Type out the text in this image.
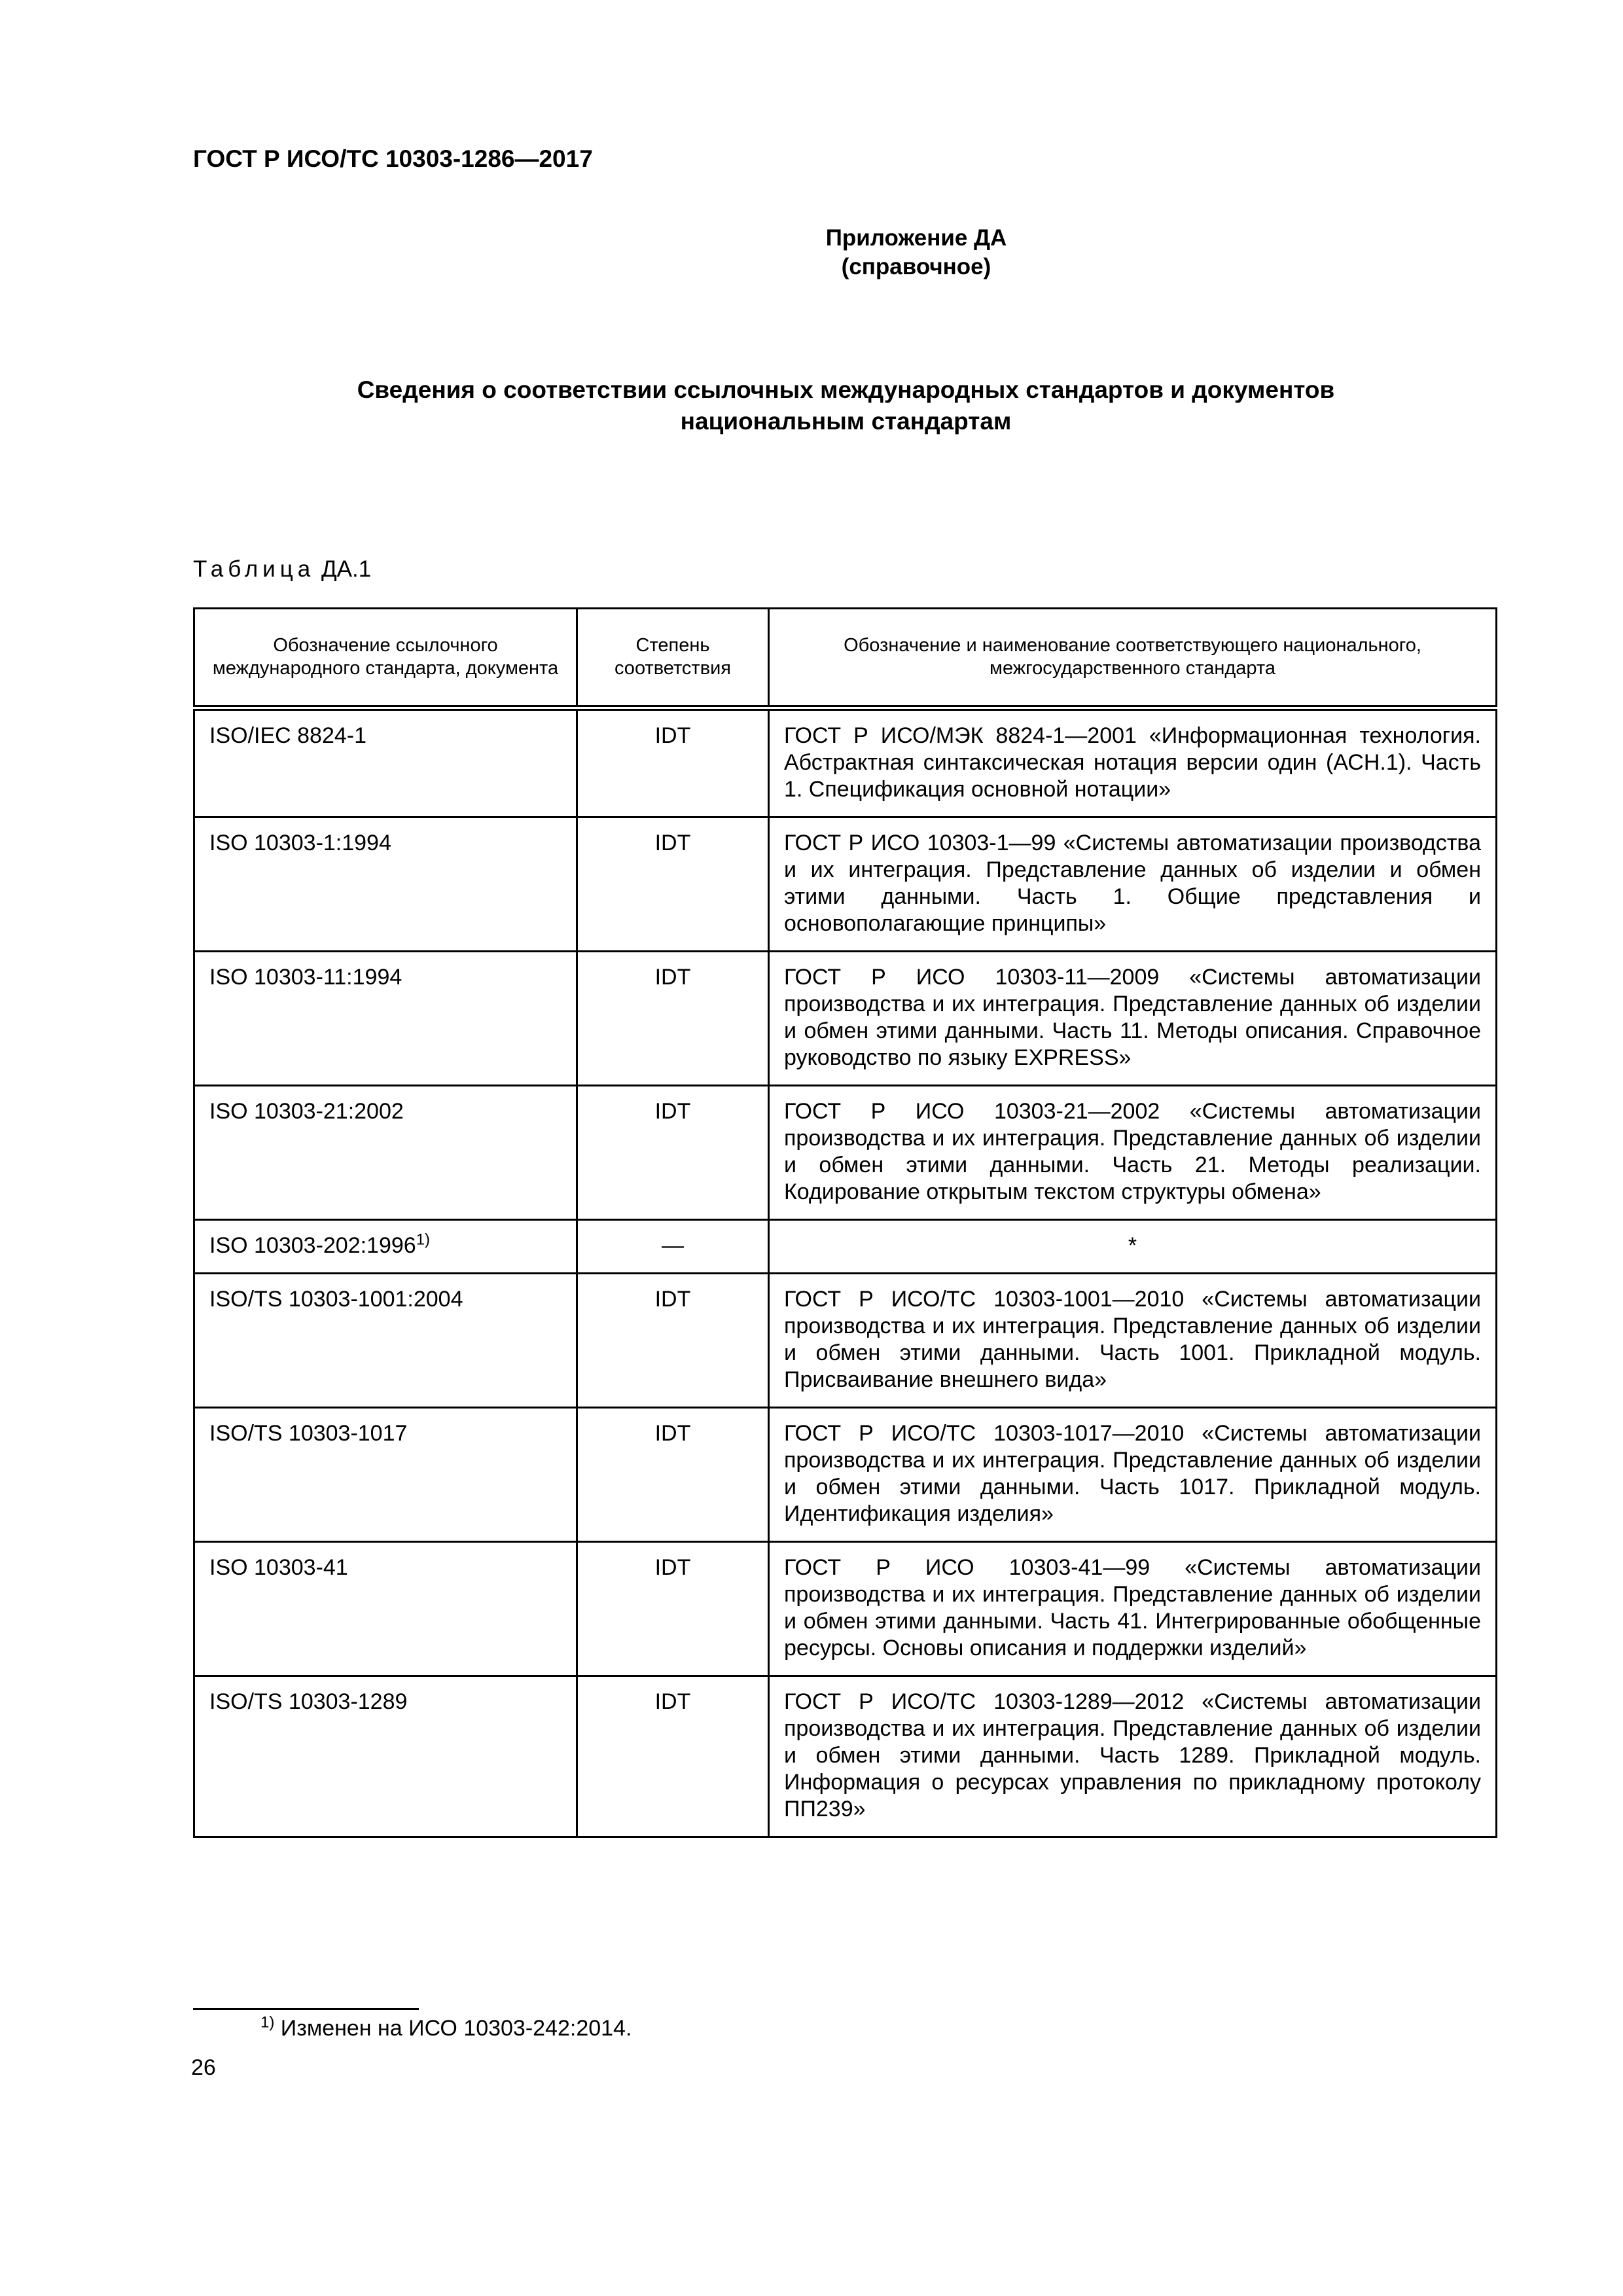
ГОСТ Р ИСО/ТС 10303-1286—2017
Приложение ДА
(справочное)
Сведения о соответствии ссылочных международных стандартов и документов
национальным стандартам
Таблица ДА.1
Обозначение ссылочного международного стандарта, документа	Степень соответствия	Обозначение и наименование соответствующего национального, межгосударственного стандарта
ISO/IEC 8824-1	IDT	ГОСТ Р ИСО/МЭК 8824-1—2001 «Информационная технология. Абстрактная синтаксическая нотация версии один (АСН.1). Часть 1. Спецификация основной нотации»
ISO 10303-1:1994	IDT	ГОСТ Р ИСО 10303-1—99 «Системы автоматизации производства и их интеграция. Представление данных об изделии и обмен этими данными. Часть 1. Общие представления и основополагающие принципы»
ISO 10303-11:1994	IDT	ГОСТ Р ИСО 10303-11—2009 «Системы автоматизации производства и их интеграция. Представление данных об изделии и обмен этими данными. Часть 11. Методы описания. Справочное руководство по языку EXPRESS»
ISO 10303-21:2002	IDT	ГОСТ Р ИСО 10303-21—2002 «Системы автоматизации производства и их интеграция. Представление данных об изделии и обмен этими данными. Часть 21. Методы реализации. Кодирование открытым текстом структуры обмена»
ISO 10303-202:1996$^{1)}$	—	*
ISO/TS 10303-1001:2004	IDT	ГОСТ Р ИСО/ТС 10303-1001—2010 «Системы автоматизации производства и их интеграция. Представление данных об изделии и обмен этими данными. Часть 1001. Прикладной модуль. Присваивание внешнего вида»
ISO/TS 10303-1017	IDT	ГОСТ Р ИСО/ТС 10303-1017—2010 «Системы автоматизации производства и их интеграция. Представление данных об изделии и обмен этими данными. Часть 1017. Прикладной модуль. Идентификация изделия»
ISO 10303-41	IDT	ГОСТ Р ИСО 10303-41—99 «Системы автоматизации производства и их интеграция. Представление данных об изделии и обмен этими данными. Часть 41. Интегрированные обобщенные ресурсы. Основы описания и поддержки изделий»
ISO/TS 10303-1289	IDT	ГОСТ Р ИСО/ТС 10303-1289—2012 «Системы автоматизации производства и их интеграция. Представление данных об изделии и обмен этими данными. Часть 1289. Прикладной модуль. Информация о ресурсах управления по прикладному протоколу ПП239»
$^{1)}$ Изменен на ИСО 10303-242:2014.
26
